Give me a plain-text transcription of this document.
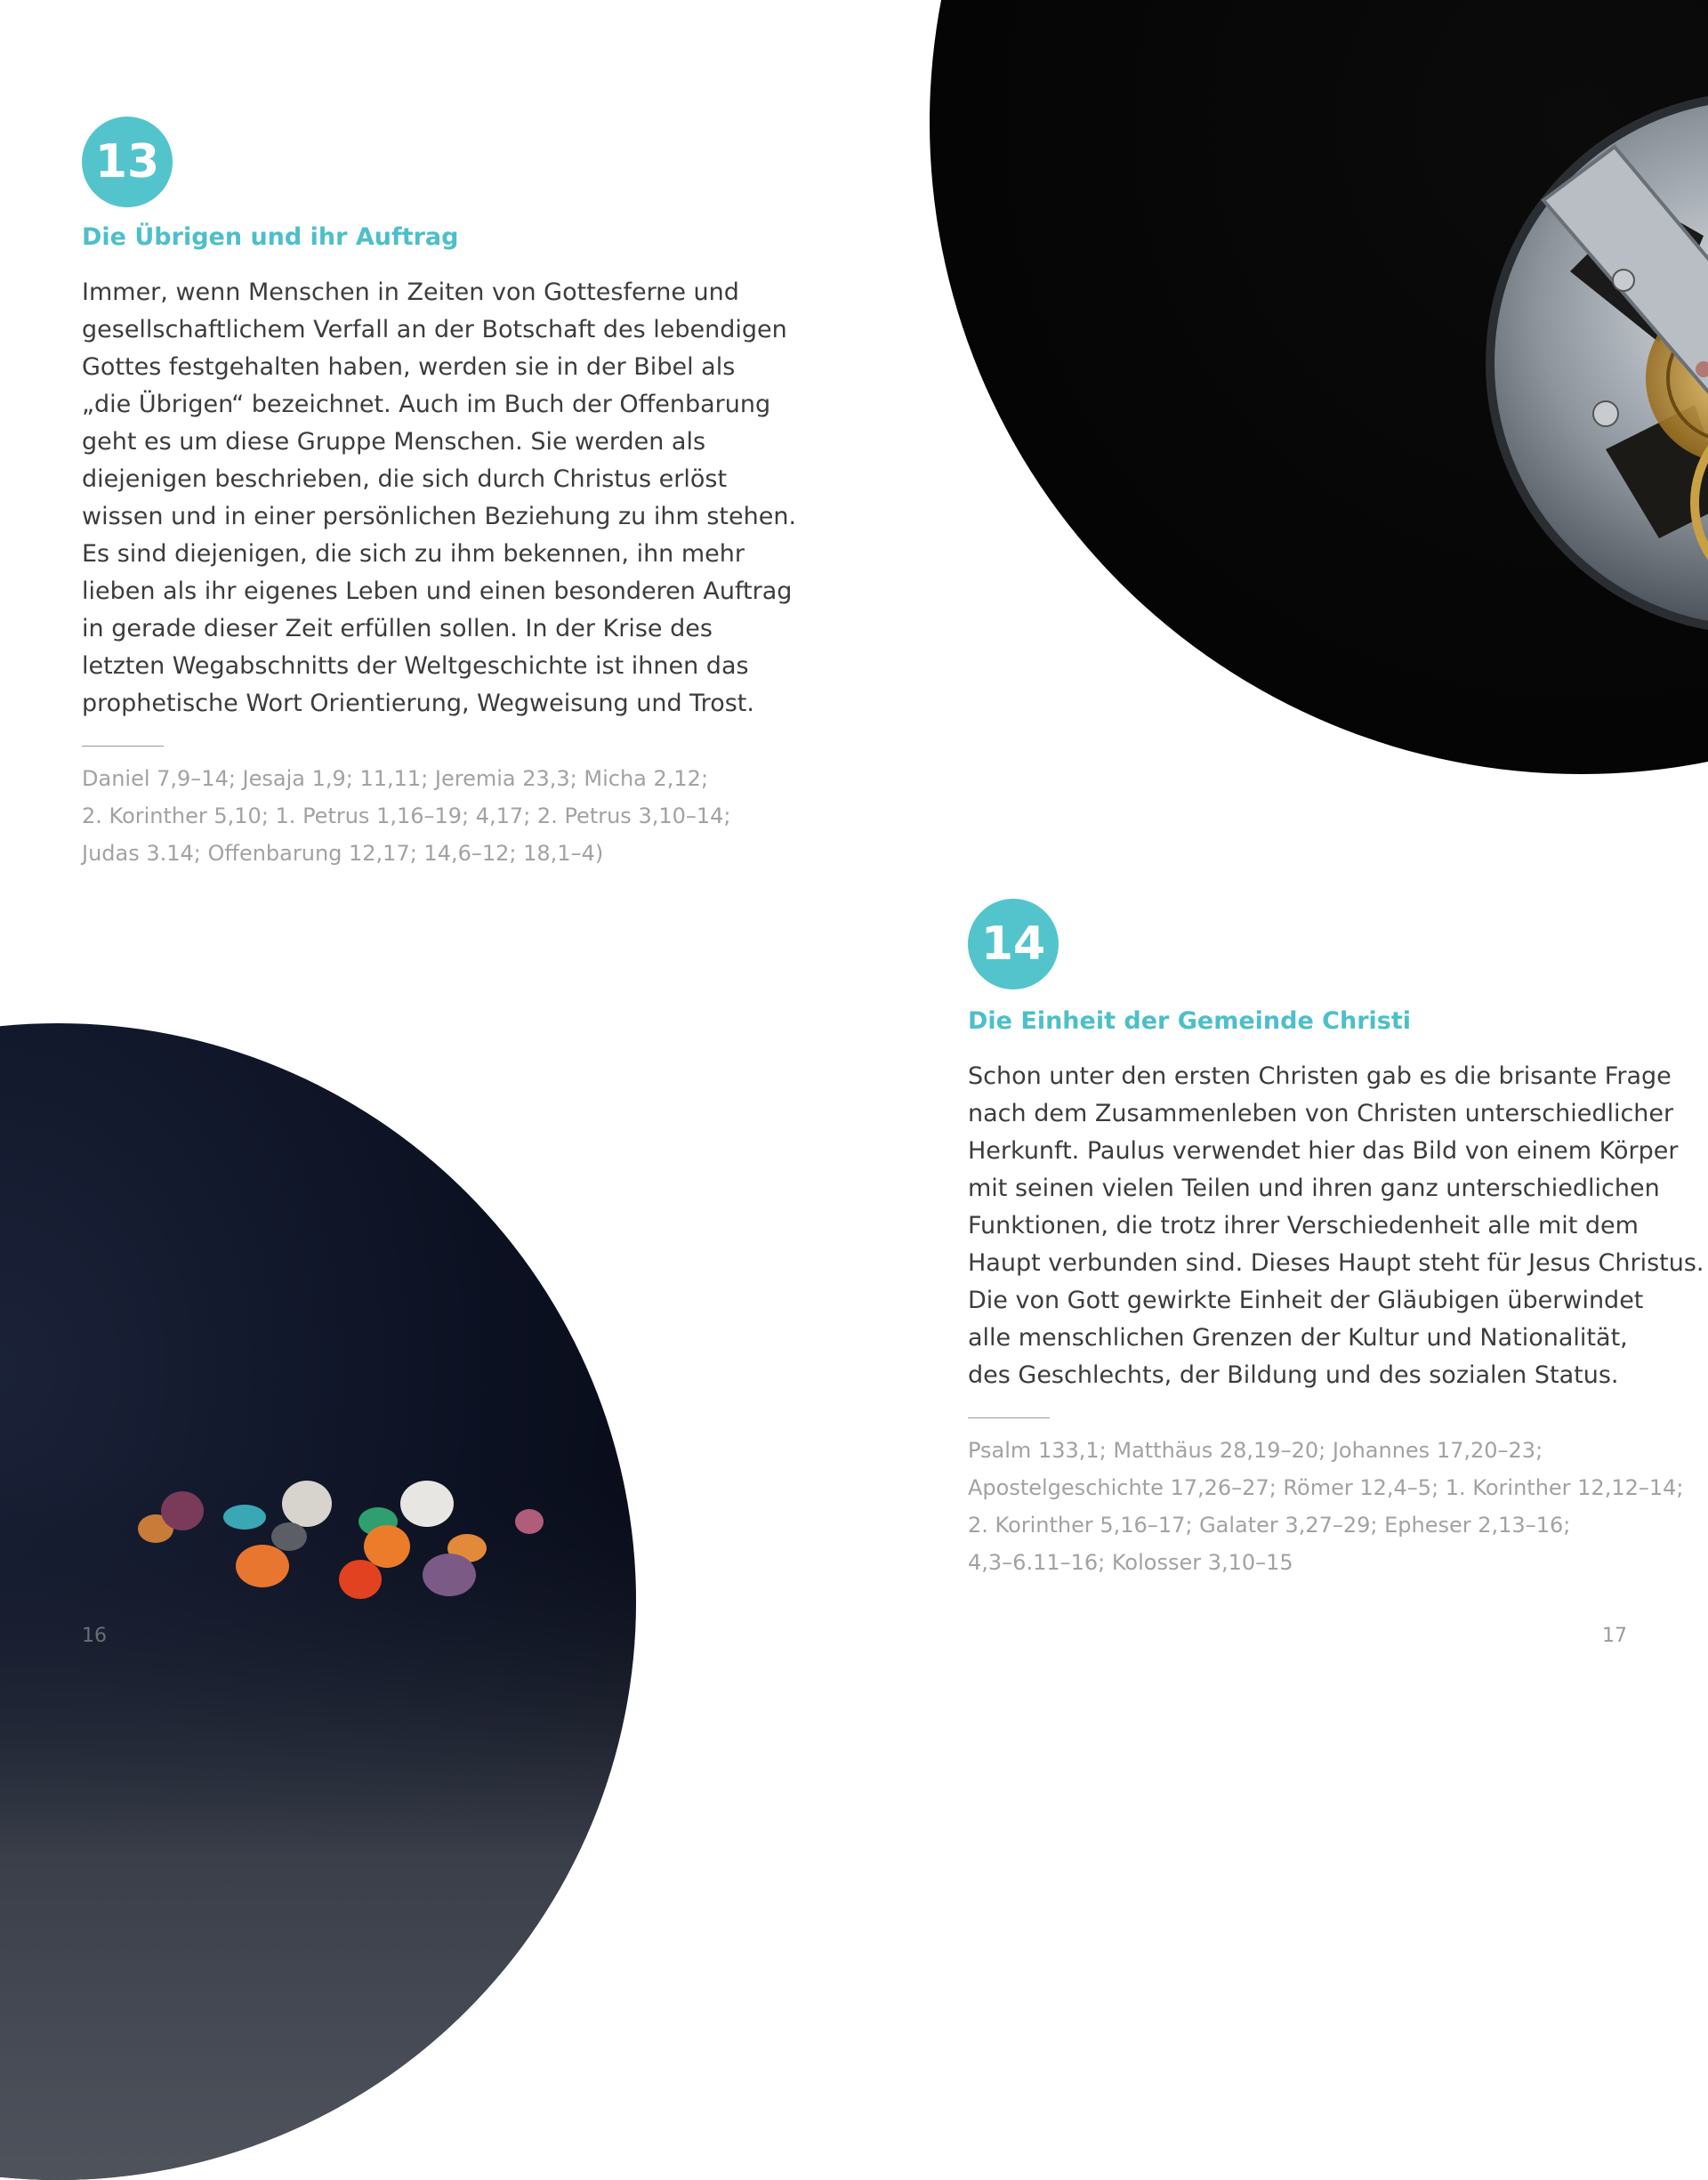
13
Die Übrigen und ihr Auftrag

Immer, wenn Menschen in Zeiten von Gottesferne und

gesellschaftlichem Verfall an der Botschaft des lebendigen

Gottes festgehalten haben, werden sie in der Bibel als

„die Übrigen“ bezeichnet. Auch im Buch der Offenbarung

geht es um diese Gruppe Menschen. Sie werden als

diejenigen beschrieben, die sich durch Christus erlöst

wissen und in einer persönlichen Beziehung zu ihm stehen.

Es sind diejenigen, die sich zu ihm bekennen, ihn mehr

lieben als ihr eigenes Leben und einen besonderen Auftrag

in gerade dieser Zeit erfüllen sollen. In der Krise des

letzten Wegabschnitts der Weltgeschichte ist ihnen das

prophetische Wort Orientierung, Wegweisung und Trost.

Daniel 7,9–14; Jesaja 1,9; 11,11; Jeremia 23,3; Micha 2,12;

2. Korinther 5,10; 1. Petrus 1,16–19; 4,17; 2. Petrus 3,10–14;

Judas 3.14; Offenbarung 12,17; 14,6–12; 18,1–4)

14
Die Einheit der Gemeinde Christi

Schon unter den ersten Christen gab es die brisante Frage

nach dem Zusammenleben von Christen unterschiedlicher

Herkunft. Paulus verwendet hier das Bild von einem Körper

mit seinen vielen Teilen und ihren ganz unterschiedlichen

Funktionen, die trotz ihrer Verschiedenheit alle mit dem

Haupt verbunden sind. Dieses Haupt steht für Jesus Christus.

Die von Gott gewirkte Einheit der Gläubigen überwindet

alle menschlichen Grenzen der Kultur und Nationalität,

des Geschlechts, der Bildung und des sozialen Status.

Psalm 133,1; Matthäus 28,19–20; Johannes 17,20–23;

Apostelgeschichte 17,26–27; Römer 12,4–5; 1. Korinther 12,12–14;

2. Korinther 5,16–17; Galater 3,27–29; Epheser 2,13–16;

4,3–6.11–16; Kolosser 3,10–15

16	17
